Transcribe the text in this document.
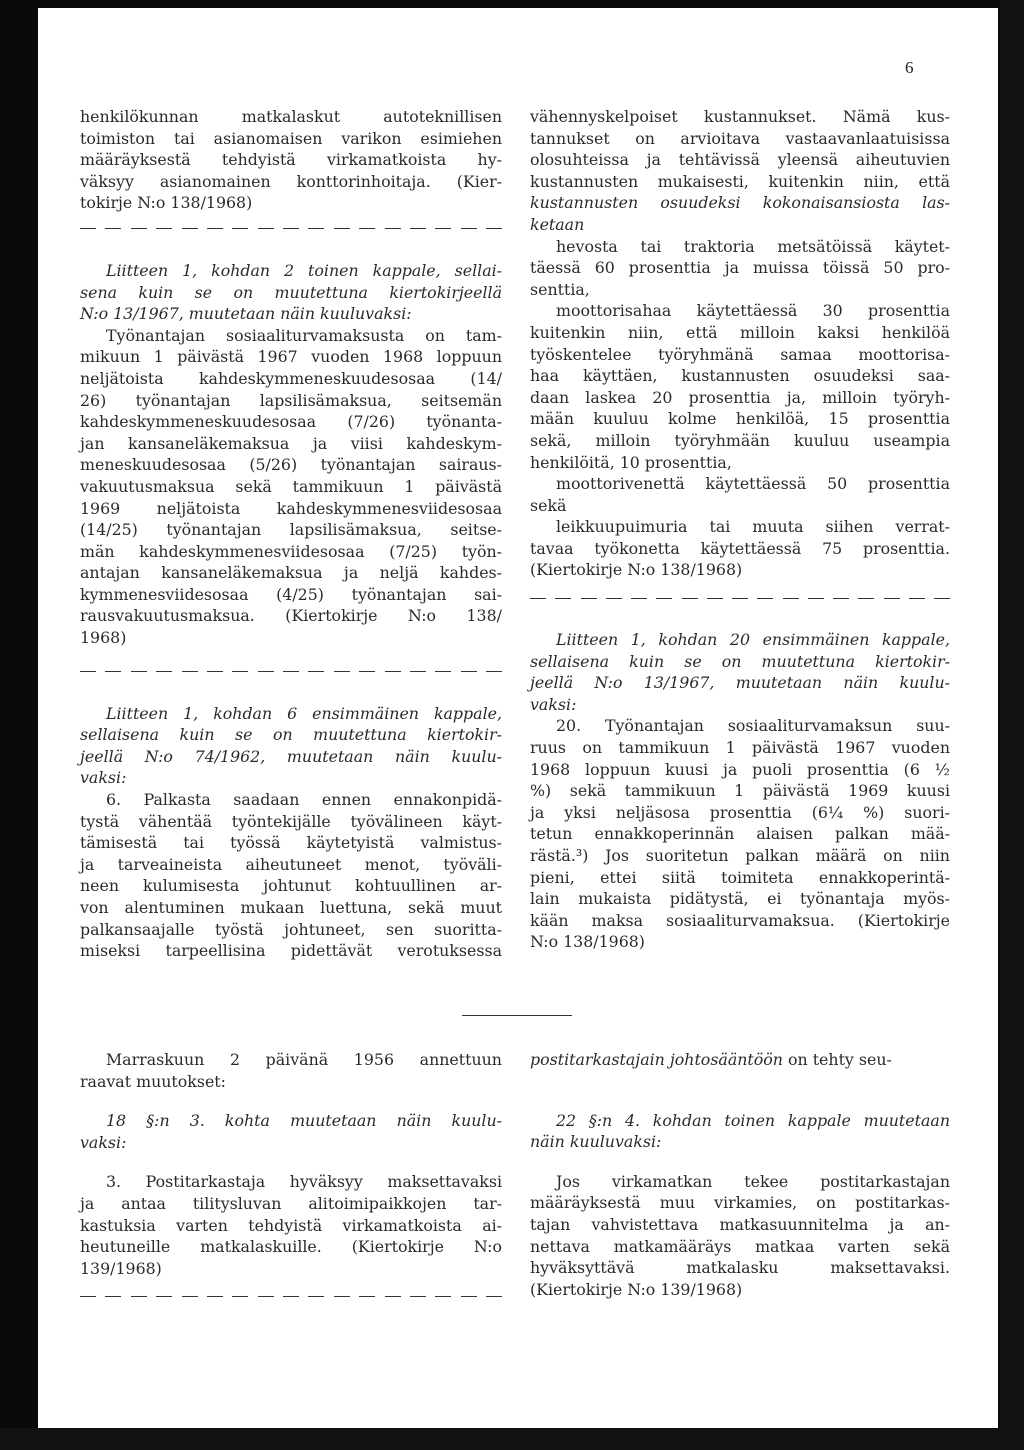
6

henkilökunnan matkalaskut autoteknillisen
toimiston tai asianomaisen varikon esimiehen
määräyksestä tehdyistä virkamatkoista hy-
väksyy asianomainen konttorinhoitaja. (Kier-
tokirje N:o 138/1968)

Liitteen 1, kohdan 2 toinen kappale, sellai-
sena kuin se on muutettuna kiertokirjeellä
N:o 13/1967, muutetaan näin kuuluvaksi:

Työnantajan sosiaaliturvamaksusta on tam-
mikuun 1 päivästä 1967 vuoden 1968 loppuun
neljätoista kahdeskymmeneskuudesosaa (14/
26) työnantajan lapsilisämaksua, seitsemän
kahdeskymmeneskuudesosaa (7/26) työnanta-
jan kansaneläkemaksua ja viisi kahdeskym-
meneskuudesosaa (5/26) työnantajan sairaus-
vakuutusmaksua sekä tammikuun 1 päivästä
1969 neljätoista kahdeskymmenesviidesosaa
(14/25) työnantajan lapsilisämaksua, seitse-
män kahdeskymmenesviidesosaa (7/25) työn-
antajan kansaneläkemaksua ja neljä kahdes-
kymmenesviidesosaa (4/25) työnantajan sai-
rausvakuutusmaksua. (Kiertokirje N:o 138/
1968)

Liitteen 1, kohdan 6 ensimmäinen kappale,
sellaisena kuin se on muutettuna kiertokir-
jeellä N:o 74/1962, muutetaan näin kuulu-
vaksi:

6. Palkasta saadaan ennen ennakonpidä-
tystä vähentää työntekijälle työvälineen käyt-
tämisestä tai työssä käytetyistä valmistus-
ja tarveaineista aiheutuneet menot, työväli-
neen kulumisesta johtunut kohtuullinen ar-
von alentuminen mukaan luettuna, sekä muut
palkansaajalle työstä johtuneet, sen suoritta-
miseksi tarpeellisina pidettävät verotuksessa

vähennyskelpoiset kustannukset. Nämä kus-
tannukset on arvioitava vastaavanlaatuisissa
olosuhteissa ja tehtävissä yleensä aiheutuvien
kustannusten mukaisesti, kuitenkin niin, että
kustannusten osuudeksi kokonaisansiosta las-
ketaan

hevosta tai traktoria metsätöissä käytet-
täessä 60 prosenttia ja muissa töissä 50 pro-
senttia,

moottorisahaa käytettäessä 30 prosenttia
kuitenkin niin, että milloin kaksi henkilöä
työskentelee työryhmänä samaa moottorisa-
haa käyttäen, kustannusten osuudeksi saa-
daan laskea 20 prosenttia ja, milloin työryh-
mään kuuluu kolme henkilöä, 15 prosenttia
sekä, milloin työryhmään kuuluu useampia
henkilöitä, 10 prosenttia,

moottorivenettä käytettäessä 50 prosenttia
sekä

leikkuupuimuria tai muuta siihen verrat-
tavaa työkonetta käytettäessä 75 prosenttia.
(Kiertokirje N:o 138/1968)

Liitteen 1, kohdan 20 ensimmäinen kappale,
sellaisena kuin se on muutettuna kiertokir-
jeellä N:o 13/1967, muutetaan näin kuulu-
vaksi:

20. Työnantajan sosiaaliturvamaksun suu-
ruus on tammikuun 1 päivästä 1967 vuoden
1968 loppuun kuusi ja puoli prosenttia (6 ½
%) sekä tammikuun 1 päivästä 1969 kuusi
ja yksi neljäsosa prosenttia (6¼ %) suori-
tetun ennakkoperinnän alaisen palkan mää-
rästä.³) Jos suoritetun palkan määrä on niin
pieni, ettei siitä toimiteta ennakkoperintä-
lain mukaista pidätystä, ei työnantaja myös-
kään maksa sosiaaliturvamaksua. (Kiertokirje
N:o 138/1968)

Marraskuun 2 päivänä 1956 annettuun
raavat muutokset:

18 §:n 3. kohta muutetaan näin kuulu-
vaksi:

3. Postitarkastaja hyväksyy maksettavaksi
ja antaa tilitysluvan alitoimipaikkojen tar-
kastuksia varten tehdyistä virkamatkoista ai-
heutuneille matkalaskuille. (Kiertokirje N:o
139/1968)

postitarkastajain johtosääntöön on tehty seu-

22 §:n 4. kohdan toinen kappale muutetaan
näin kuuluvaksi:

Jos virkamatkan tekee postitarkastajan
määräyksestä muu virkamies, on postitarkas-
tajan vahvistettava matkasuunnitelma ja an-
nettava matkamääräys matkaa varten sekä
hyväksyttävä matkalasku maksettavaksi.
(Kiertokirje N:o 139/1968)
